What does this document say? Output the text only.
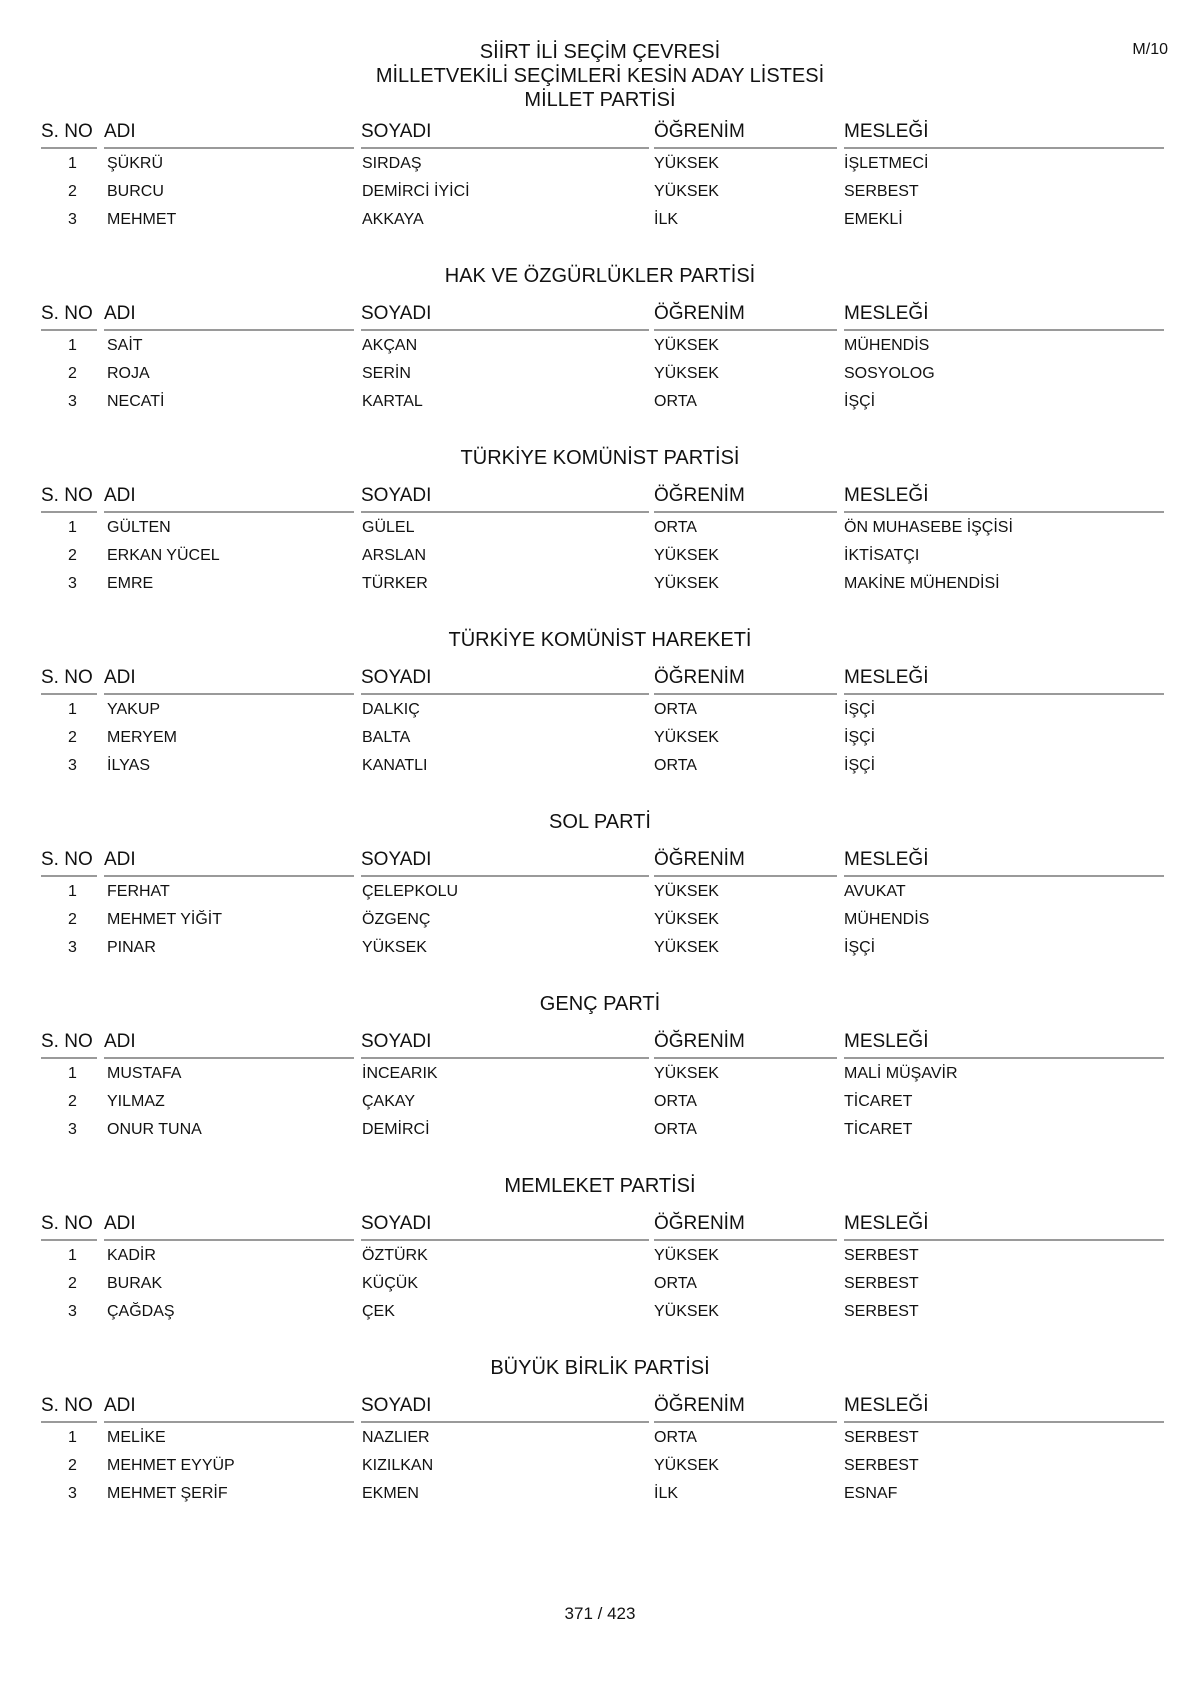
M/10
SİİRT İLİ SEÇİM ÇEVRESİ
MİLLETVEKİLİ SEÇİMLERİ KESİN ADAY LİSTESİ
MİLLET PARTİSİ
S. NO ADI	SOYADI	ÖĞRENİM	MESLEĞİ
1	ŞÜKRÜ	SIRDAŞ	YÜKSEK	İŞLETMECİ
2	BURCU	DEMİRCİ İYİCİ	YÜKSEK	SERBEST
3	MEHMET	AKKAYA	İLK	EMEKLİ
HAK VE ÖZGÜRLÜKLER PARTİSİ
S. NO ADI	SOYADI	ÖĞRENİM	MESLEĞİ
1	SAİT	AKÇAN	YÜKSEK	MÜHENDİS
2	ROJA	SERİN	YÜKSEK	SOSYOLOG
3	NECATİ	KARTAL	ORTA	İŞÇİ
TÜRKİYE KOMÜNİST PARTİSİ
S. NO ADI	SOYADI	ÖĞRENİM	MESLEĞİ
1	GÜLTEN	GÜLEL	ORTA	ÖN MUHASEBE İŞÇİSİ
2	ERKAN YÜCEL	ARSLAN	YÜKSEK	İKTİSATÇI
3	EMRE	TÜRKER	YÜKSEK	MAKİNE MÜHENDİSİ
TÜRKİYE KOMÜNİST HAREKETİ
S. NO ADI	SOYADI	ÖĞRENİM	MESLEĞİ
1	YAKUP	DALKIÇ	ORTA	İŞÇİ
2	MERYEM	BALTA	YÜKSEK	İŞÇİ
3	İLYAS	KANATLI	ORTA	İŞÇİ
SOL PARTİ
S. NO ADI	SOYADI	ÖĞRENİM	MESLEĞİ
1	FERHAT	ÇELEPKOLU	YÜKSEK	AVUKAT
2	MEHMET YİĞİT	ÖZGENÇ	YÜKSEK	MÜHENDİS
3	PINAR	YÜKSEK	YÜKSEK	İŞÇİ
GENÇ PARTİ
S. NO ADI	SOYADI	ÖĞRENİM	MESLEĞİ
1	MUSTAFA	İNCEARIK	YÜKSEK	MALİ MÜŞAVİR
2	YILMAZ	ÇAKAY	ORTA	TİCARET
3	ONUR TUNA	DEMİRCİ	ORTA	TİCARET
MEMLEKET PARTİSİ
S. NO ADI	SOYADI	ÖĞRENİM	MESLEĞİ
1	KADİR	ÖZTÜRK	YÜKSEK	SERBEST
2	BURAK	KÜÇÜK	ORTA	SERBEST
3	ÇAĞDAŞ	ÇEK	YÜKSEK	SERBEST
BÜYÜK BİRLİK PARTİSİ
S. NO ADI	SOYADI	ÖĞRENİM	MESLEĞİ
1	MELİKE	NAZLIER	ORTA	SERBEST
2	MEHMET EYYÜP	KIZILKAN	YÜKSEK	SERBEST
3	MEHMET ŞERİF	EKMEN	İLK	ESNAF
371 / 423
